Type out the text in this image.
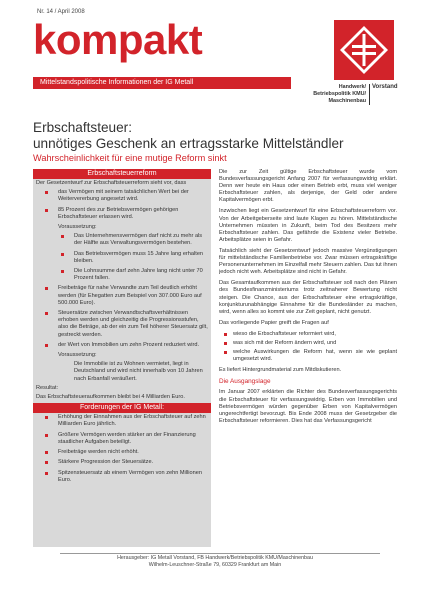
Nr. 14 / April 2008
kompakt
Mittelstandspolitische Informationen der IG Metall
Handwerk/
Betriebspolitik KMU/
Maschinenbau
Vorstand
Erbschaftsteuer:
unnötiges Geschenk an ertragsstarke Mittelständler
Wahrscheinlichkeit für eine mutige Reform sinkt
Erbschaftsteuerreform

Der Gesetzentwurf zur Erbschaftsteuerreform sieht vor, dass

das Vermögen mit seinem tatsächlichen Wert bei der Weitervererbung angesetzt wird.
85 Prozent des zur Betriebsvermögen gehörigen Erbschaftsteuer erlassen wird.

Voraussetzung:

Das Unternehmensvermögen darf nicht zu mehr als der Hälfte aus Verwaltungsvermögen bestehen.
Das Betriebsvermögen muss 15 Jahre lang erhalten bleiben.
Die Lohnsumme darf zehn Jahre lang nicht unter 70 Prozent fallen.
Freibeträge für nahe Verwandte zum Teil deutlich erhöht werden (für Ehegatten zum Beispiel von 307.000 Euro auf 500.000 Euro).
Steuersätze zwischen Verwandtschaftsverhältnissen erhoben werden und gleichzeitig die Progressionsstufen, also die Beträge, ab der ein zum Teil höherer Steuersatz gilt, gestreckt werden.
der Wert von Immobilien um zehn Prozent reduziert wird.

Voraussetzung:

Die Immobilie ist zu Wohnen vermietet, liegt in Deutschland und wird nicht innerhalb von 10 Jahren nach Erbanfall veräußert.

Resultat:

Das Erbschaftsteueraufkommen bleibt bei 4 Milliarden Euro.

Forderungen der IG Metall:
Erhöhung der Einnahmen aus der Erbschaftsteuer auf zehn Milliarden Euro jährlich.
Größere Vermögen werden stärker an der Finanzierung staatlicher Aufgaben beteiligt.
Freibeträge werden nicht erhöht.
Stärkere Progression der Steuersätze.
Spitzensteuersatz ab einem Vermögen von zehn Millionen Euro.

Die zur Zeit gültige Erbschaftsteuer wurde vom Bundesverfassungsgericht Anfang 2007 für verfassungswidrig erklärt. Denn wer heute ein Haus oder einen Betrieb erbt, muss viel weniger Erbschaftsteuer zahlen, als derjenige, der Geld oder andere Kapitalvermögen erbt.

Inzwischen liegt ein Gesetzentwurf für eine Erbschaftsteuerreform vor. Von der Arbeitgeberseite sind laute Klagen zu hören. Mittelständische Unternehmen müssten in Zukunft, beim Tod des Besitzers mehr Erbschaftsteuer zahlen. Das gefährde die Existenz vieler Betriebe. Arbeitsplätze seien in Gefahr.

Tatsächlich sieht der Gesetzentwurf jedoch massive Vergünstigungen für mittelständische Familienbetriebe vor. Zwar müssen ertragskräftige Personenunternehmen im Einzelfall mehr Steuern zahlen. Das tut ihnen jedoch nicht weh. Arbeitsplätze sind nicht in Gefahr.

Das Gesamtaufkommen aus der Erbschaftsteuer soll nach den Plänen des Bundesfinanzministeriums trotz zeitnaherer Bewertung nicht steigen. Die Chance, aus der Erbschaftsteuer eine ertragskräftige, konjunkturunabhängige Einnahme für die Bundesländer zu machen, wird, wenn alles so kommt wie zur Zeit geplant, nicht genutzt.

Das vorliegende Papier greift die Fragen auf

wieso die Erbschaftsteuer reformiert wird,
was sich mit der Reform ändern wird, und
welche Auswirkungen die Reform hat, wenn sie wie geplant umgesetzt wird.

Es liefert Hintergrundmaterial zum Mitdiskutieren.

Die Ausgangslage

Im Januar 2007 erklärten die Richter des Bundesverfassungsgerichts die Erbschaftsteuer für verfassungswidrig. Erben von Immobilien und Betriebsvermögen würden gegenüber Erben von Kapitalvermögen ungerechtfertigt bevorzugt. Bis Ende 2008 muss der Gesetzgeber die Erbschaftsteuer reformieren. Dies hat das Verfassungsgericht

Herausgeber: IG Metall Vorstand, FB Handwerk/Betriebspolitik KMU/Maschinenbau
Wilhelm-Leuschner-Straße 79, 60329 Frankfurt am Main
